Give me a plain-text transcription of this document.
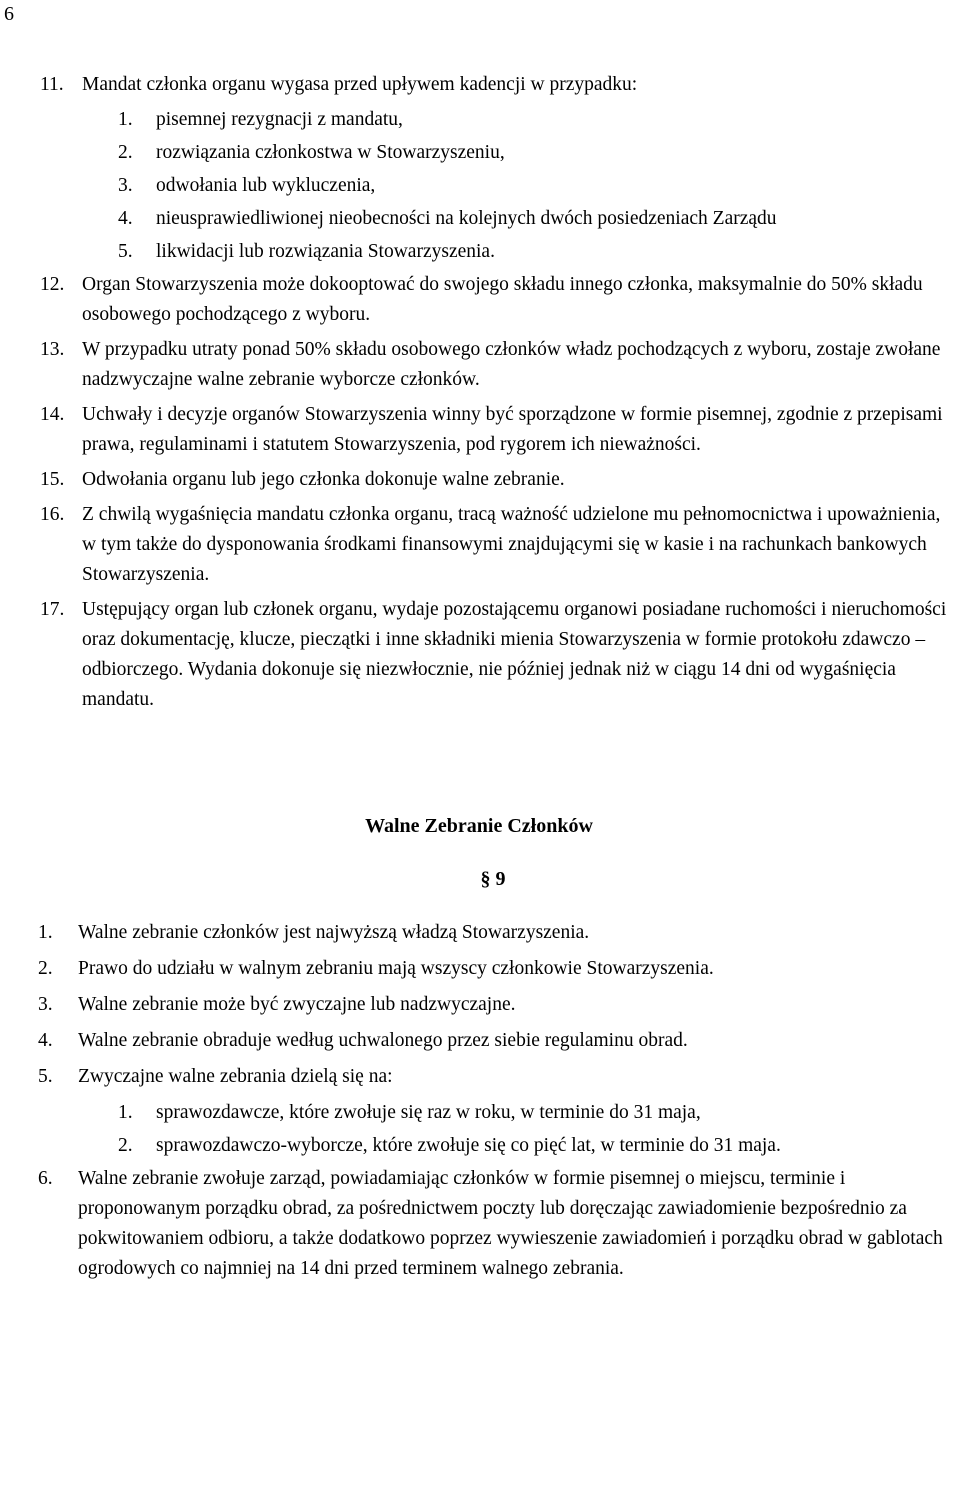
6
11. Mandat członka organu wygasa przed upływem kadencji w przypadku:
1. pisemnej rezygnacji z mandatu,
2. rozwiązania członkostwa w Stowarzyszeniu,
3. odwołania lub wykluczenia,
4. nieusprawiedliwionej nieobecności na kolejnych dwóch posiedzeniach Zarządu
5. likwidacji lub rozwiązania Stowarzyszenia.
12. Organ Stowarzyszenia może dokooptować do swojego składu innego członka, maksymalnie do 50% składu osobowego pochodzącego z wyboru.
13. W przypadku utraty ponad 50% składu osobowego członków władz pochodzących z wyboru, zostaje zwołane nadzwyczajne walne zebranie wyborcze członków.
14. Uchwały i decyzje organów Stowarzyszenia winny być sporządzone w formie pisemnej, zgodnie z przepisami prawa, regulaminami i statutem Stowarzyszenia, pod rygorem ich nieważności.
15. Odwołania organu lub jego członka dokonuje walne zebranie.
16. Z chwilą wygaśnięcia mandatu członka organu, tracą ważność udzielone mu pełnomocnictwa i upoważnienia, w tym także do dysponowania środkami finansowymi znajdującymi się w kasie i na rachunkach bankowych Stowarzyszenia.
17. Ustępujący organ lub członek organu, wydaje pozostającemu organowi posiadane ruchomości i nieruchomości oraz dokumentację, klucze, pieczątki i inne składniki mienia Stowarzyszenia w formie protokołu zdawczo – odbiorczego. Wydania dokonuje się niezwłocznie, nie później jednak niż w ciągu 14 dni od wygaśnięcia mandatu.
Walne Zebranie Członków
§ 9
1. Walne zebranie członków jest najwyższą władzą Stowarzyszenia.
2. Prawo do udziału w walnym zebraniu mają wszyscy członkowie Stowarzyszenia.
3. Walne zebranie może być zwyczajne lub nadzwyczajne.
4. Walne zebranie obraduje według uchwalonego przez siebie regulaminu obrad.
5. Zwyczajne walne zebrania dzielą się na:
1. sprawozdawcze, które zwołuje się raz w roku, w terminie do 31 maja,
2. sprawozdawczo-wyborcze, które zwołuje się co pięć lat, w terminie do 31 maja.
6. Walne zebranie zwołuje zarząd, powiadamiając członków w formie pisemnej o miejscu, terminie i proponowanym porządku obrad, za pośrednictwem poczty lub doręczając zawiadomienie bezpośrednio za pokwitowaniem odbioru, a także dodatkowo poprzez wywieszenie zawiadomień i porządku obrad w gablotach ogrodowych co najmniej na 14 dni przed terminem walnego zebrania.
